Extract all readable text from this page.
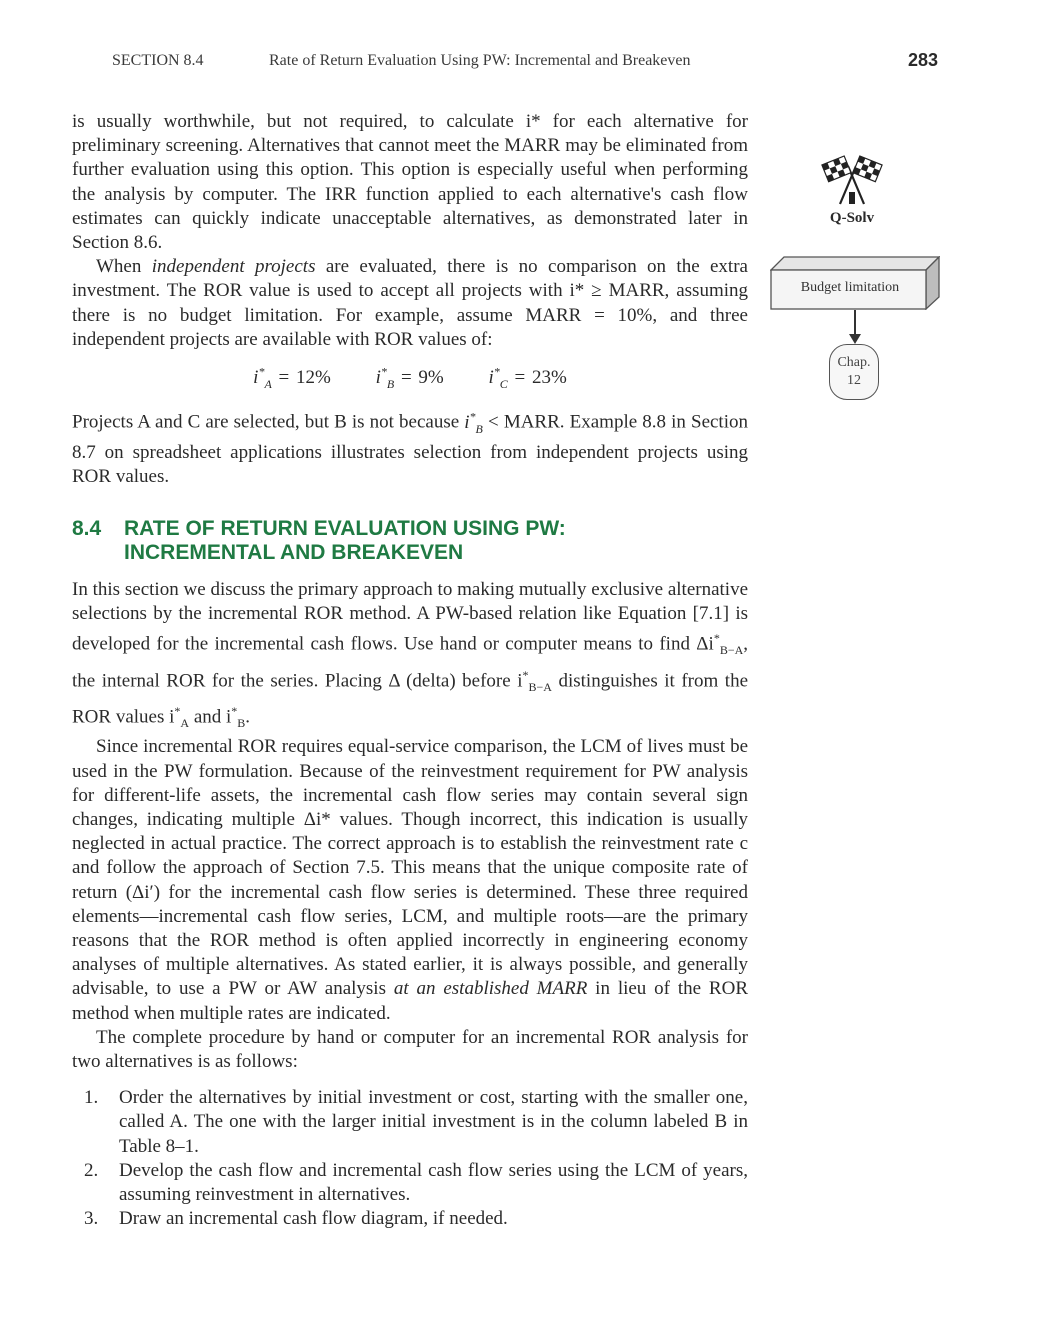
SECTION 8.4	Rate of Return Evaluation Using PW: Incremental and Breakeven	283

is usually worthwhile, but not required, to calculate i* for each alternative for preliminary screening. Alternatives that cannot meet the MARR may be eliminated from further evaluation using this option. This option is especially useful when performing the analysis by computer. The IRR function applied to each alternative's cash flow estimates can quickly indicate unacceptable alternatives, as demonstrated later in Section 8.6.

When independent projects are evaluated, there is no comparison on the extra investment. The ROR value is used to accept all projects with i* ≥ MARR, assuming there is no budget limitation. For example, assume MARR = 10%, and three independent projects are available with ROR values of:

$i^*_A = 12\%$ $i^*_B = 9\%$ $i^*_C = 23\%$

Projects A and C are selected, but B is not because $i^*_B$ < MARR. Example 8.8 in Section 8.7 on spreadsheet applications illustrates selection from independent projects using ROR values.

8.4 RATE OF RETURN EVALUATION USING PW:
INCREMENTAL AND BREAKEVEN

In this section we discuss the primary approach to making mutually exclusive alternative selections by the incremental ROR method. A PW-based relation like Equation [7.1] is developed for the incremental cash flows. Use hand or computer means to find $\Delta i^*_{B-A}$, the internal ROR for the series. Placing Δ (delta) before $i^*_{B-A}$ distinguishes it from the ROR values $i^*_A$ and $i^*_B$.

Since incremental ROR requires equal-service comparison, the LCM of lives must be used in the PW formulation. Because of the reinvestment requirement for PW analysis for different-life assets, the incremental cash flow series may contain several sign changes, indicating multiple Δi* values. Though incorrect, this indication is usually neglected in actual practice. The correct approach is to establish the reinvestment rate c and follow the approach of Section 7.5. This means that the unique composite rate of return (Δi′) for the incremental cash flow series is determined. These three required elements—incremental cash flow series, LCM, and multiple roots—are the primary reasons that the ROR method is often applied incorrectly in engineering economy analyses of multiple alternatives. As stated earlier, it is always possible, and generally advisable, to use a PW or AW analysis at an established MARR in lieu of the ROR method when multiple rates are indicated.

The complete procedure by hand or computer for an incremental ROR analysis for two alternatives is as follows:

1. Order the alternatives by initial investment or cost, starting with the smaller one, called A. The one with the larger initial investment is in the column labeled B in Table 8–1.
2. Develop the cash flow and incremental cash flow series using the LCM of years, assuming reinvestment in alternatives.
3. Draw an incremental cash flow diagram, if needed.
Q-Solv
Budget limitation
Chap.
12
